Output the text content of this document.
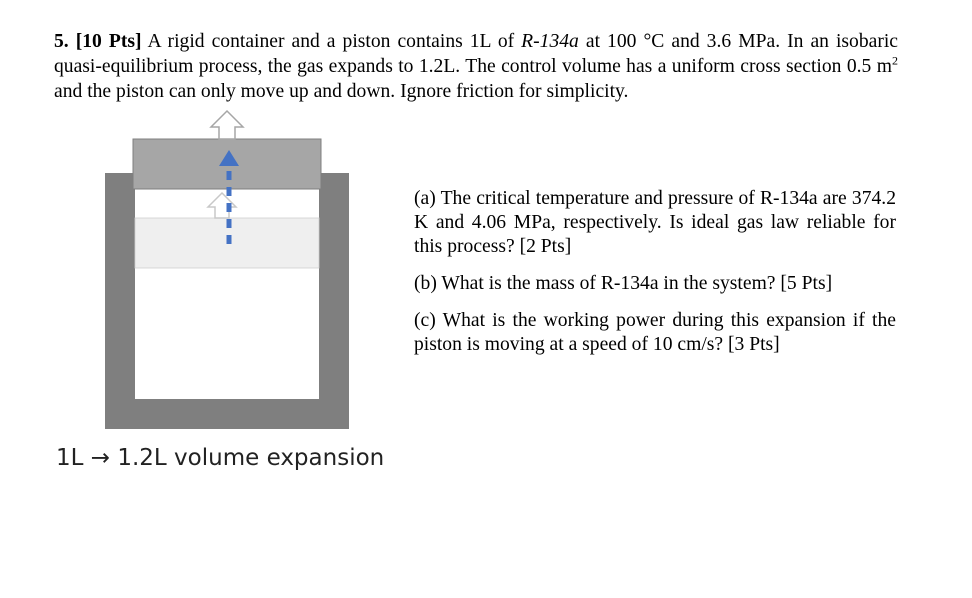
5. [10 Pts] A rigid container and a piston contains 1L of R-134a at 100 °C and 3.6 MPa. In an isobaric quasi-equilibrium process, the gas expands to 1.2L. The control volume has a uniform cross section 0.5 $m^2$ and the piston can only move up and down. Ignore friction for simplicity.
1L → 1.2L volume expansion

(a) The critical temperature and pressure of R-134a are 374.2 K and 4.06 MPa, respectively. Is ideal gas law reliable for this process? [2 Pts]

(b) What is the mass of R-134a in the system? [5 Pts]

(c) What is the working power during this expansion if the piston is moving at a speed of 10 cm/s? [3 Pts]
